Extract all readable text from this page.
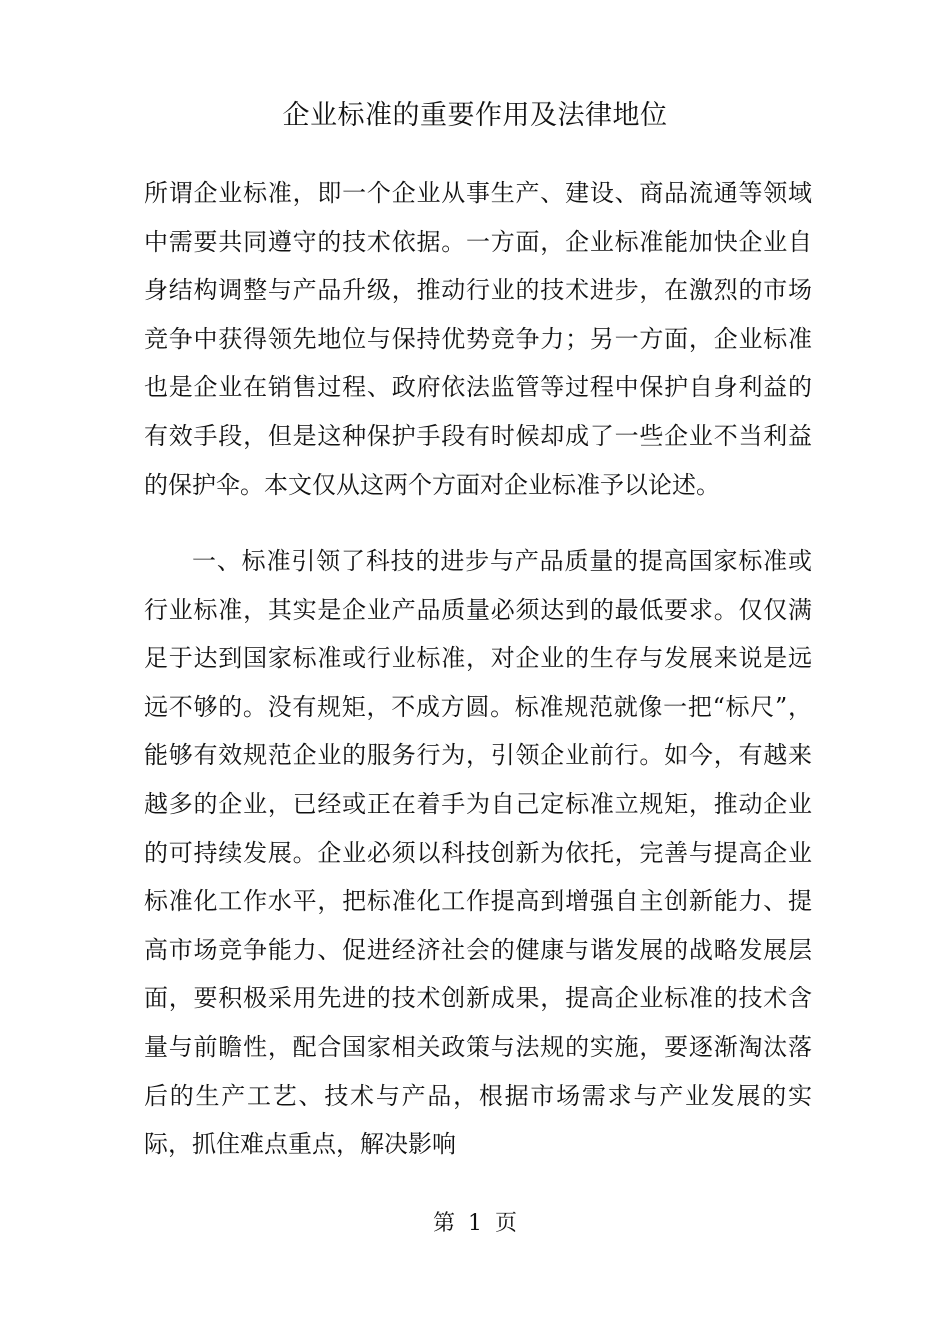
企业标准的重要作用及法律地位
所谓企业标准，即一个企业从事生产、建设、商品流通等领域中需要共同遵守的技术依据。一方面，企业标准能加快企业自身结构调整与产品升级，推动行业的技术进步，在激烈的市场竞争中获得领先地位与保持优势竞争力；另一方面，企业标准也是企业在销售过程、政府依法监管等过程中保护自身利益的有效手段，但是这种保护手段有时候却成了一些企业不当利益的保护伞。本文仅从这两个方面对企业标准予以论述。
一、标准引领了科技的进步与产品质量的提高国家标准或行业标准，其实是企业产品质量必须达到的最低要求。仅仅满足于达到国家标准或行业标准，对企业的生存与发展来说是远远不够的。没有规矩，不成方圆。标准规范就像一把“标尺”，能够有效规范企业的服务行为，引领企业前行。如今，有越来越多的企业，已经或正在着手为自己定标准立规矩，推动企业的可持续发展。企业必须以科技创新为依托，完善与提高企业标准化工作水平，把标准化工作提高到增强自主创新能力、提高市场竞争能力、促进经济社会的健康与谐发展的战略发展层面，要积极采用先进的技术创新成果，提高企业标准的技术含量与前瞻性，配合国家相关政策与法规的实施，要逐渐淘汰落后的生产工艺、技术与产品，根据市场需求与产业发展的实际，抓住难点重点，解决影响
第 1 页
